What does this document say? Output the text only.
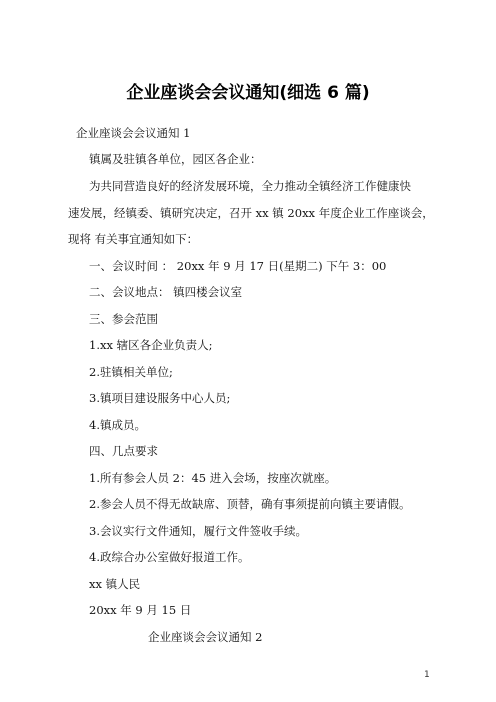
企业座谈会会议通知(细选 6 篇)
企业座谈会会议通知 1
镇属及驻镇各单位，园区各企业：
为共同营造良好的经济发展环境，全力推动全镇经济工作健康快
速发展，经镇委、镇研究决定，召开 xx 镇 20xx 年度企业工作座谈会，
现将 有关事宜通知如下：
一、会议时间 ： 20xx 年 9 月 17 日(星期二) 下午 3：00
二、会议地点： 镇四楼会议室
三、参会范围
1.xx 辖区各企业负责人;
2.驻镇相关单位;
3.镇项目建设服务中心人员;
4.镇成员。
四、几点要求
1.所有参会人员 2：45 进入会场，按座次就座。
2.参会人员不得无故缺席、顶替，确有事须提前向镇主要请假。
3.会议实行文件通知，履行文件签收手续。
4.政综合办公室做好报道工作。
xx 镇人民
20xx 年 9 月 15 日
企业座谈会会议通知 2
1
